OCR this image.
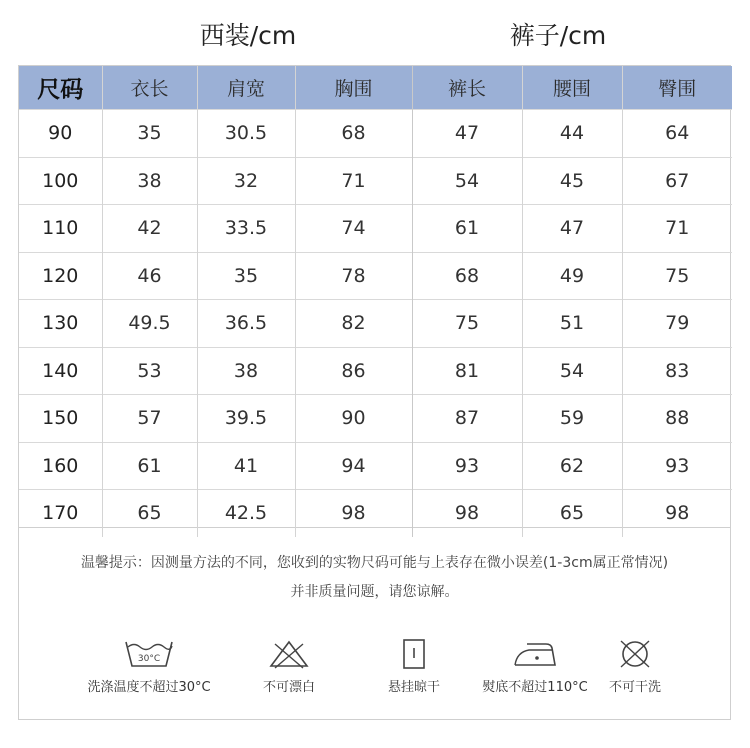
西装/cm	裤子/cm
尺码	衣长	肩宽	胸围	裤长	腰围	臀围
90	35	30.5	68	47	44	64
100	38	32	71	54	45	67
110	42	33.5	74	61	47	71
120	46	35	78	68	49	75
130	49.5	36.5	82	75	51	79
140	53	38	86	81	54	83
150	57	39.5	90	87	59	88
160	61	41	94	93	62	93
170	65	42.5	98	98	65	98
温馨提示：因测量方法的不同，您收到的实物尺码可能与上表存在微小误差(1-3cm属正常情况)
并非质量问题，请您谅解。
30°C
洗涤温度不超过30°C	不可漂白	悬挂晾干	熨底不超过110°C	不可干洗
